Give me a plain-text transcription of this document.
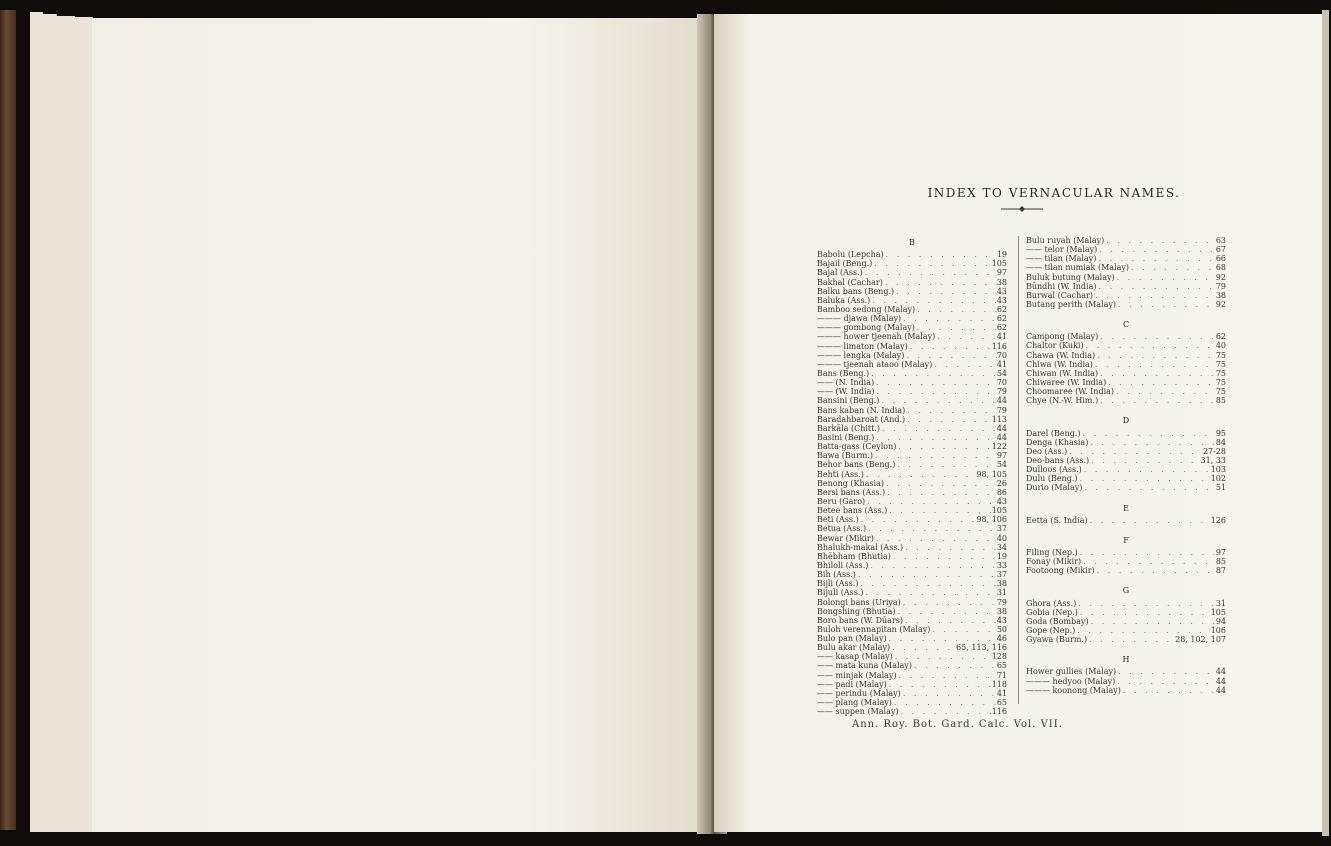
INDEX TO VERNACULAR NAMES.
B
Babolu (Lepcha) . . .	19
Bajail (Beng.) . . .	105
Bajal (Ass.) . . .	97
Bakhal (Cachar) . . .	38
Balku bans (Beng.) . . .	43
Baluka (Ass.) . . .	43
Bamboo sedong (Malay) . . .	62
——— djawa (Malay) . . .	62
——— gombong (Malay) . . .	62
——— hower tjeenah (Malay) . . .	41
——— limaton (Malay) . . .	116
——— lengka (Malay) . . .	70
——— tjeenah ataoo (Malay) . . .	41
Bans (Beng.) . . .	54
—— (N. India) . . .	70
—— (W. India) . . .	79
Bansini (Beng.) . . .	44
Bans kaban (N. India) . . .	79
Baradahbaroat (And.) . . .	113
Barkāla (Chitt.) . . .	44
Basini (Beng.) . . .	44
Batta-gass (Ceylon) . . .	122
Bawa (Burm.) . . .	97
Behor bans (Beng.) . . .	54
Behti (Ass.) . . .	98, 105
Benong (Khasia) . . .	26
Bersi bans (Ass.) . . .	86
Beru (Garo) . . .	43
Betee bans (Ass.) . . .	105
Beti (Ass.) . . .	98, 106
Betua (Ass.) . . .	37
Bewar (Mikir) . . .	40
Bhalukh-makal (Ass.) . . .	34
Bhēbham (Bhutia) . . .	19
Bhiloli (Ass.) . . .	33
Bih (Ass.) . . .	37
Bijli (Ass.) . . .	38
Bijuli (Ass.) . . .	31
Bolongi bans (Uriya) . . .	79
Bongshing (Bhutia) . . .	38
Boro bans (W. Dūars) . . .	43
Buloh verennapitan (Malay) . . .	50
Bulo pan (Malay) . . .	46
Bulu akar (Malay) . . .	65, 113, 116
—— kasap (Malay) . . .	128
—— mata kuna (Malay) . . .	65
—— minjak (Malay) . . .	71
—— padi (Malay) . . .	118
—— perindu (Malay) . . .	41
—— plang (Malay) . . .	65
—— suppen (Malay) . . .	116
Bulu ruyah (Malay) . . .	63
—— telor (Malay) . . .	67
—— tilan (Malay) . . .	66
—— tilan numiak (Malay) . . .	68
Buluk butung (Malay) . . .	92
Būndhi (W. India) . . .	79
Burwal (Cachar) . . .	38
Butang perith (Malay) . . .	92
C
Campong (Malay) . . .	62
Chaltor (Kuki) . . .	40
Chawa (W. India) . . .	75
Chiwa (W. India) . . .	75
Chiwan (W. India) . . .	75
Chiwaree (W. India) . . .	75
Choomaree (W. India) . . .	75
Chye (N.-W. Him.) . . .	85
D
Darel (Beng.) . . .	95
Denga (Khasia) . . .	84
Deo (Ass.) . . .	27-28
Deo-bans (Ass.) . . .	31, 33
Dulloos (Ass.) . . .	103
Dulu (Beng.) . . .	102
Durio (Malay) . . .	51
E
Eetta (S. India) . . .	126
F
Filing (Nep.) . . .	97
Fonay (Mikir) . . .	85
Footoong (Mikir) . . .	87
G
Ghora (Ass.) . . .	31
Gobia (Nep.) . . .	105
Goda (Bombay) . . .	94
Gope (Nep.) . . .	106
Gyawa (Burm.) . . .	28, 102, 107
H
Hower gullies (Malay) . . .	44
——— hedyoo (Malay) . . .	44
——— koonong (Malay) . . .	44
Ann. Roy. Bot. Gard. Calc. Vol. VII.
